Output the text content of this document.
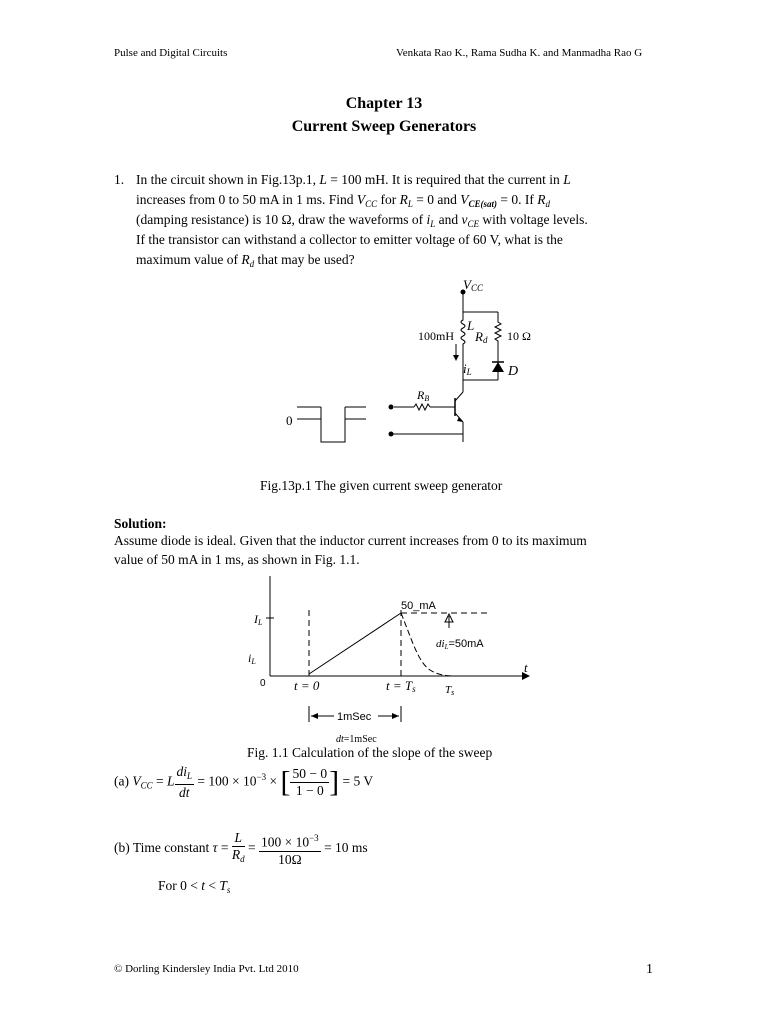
Pulse and Digital Circuits	Venkata Rao K., Rama Sudha K. and Manmadha Rao G
Chapter 13
Current Sweep Generators
1. In the circuit shown in Fig.13p.1, L = 100 mH. It is required that the current in L
increases from 0 to 50 mA in 1 ms. Find $V_{CC}$ for $R_L = 0$ and $V_{CE(sat)} = 0$. If $R_d$
(damping resistance) is 10 Ω, draw the waveforms of $i_L$ and $v_{CE}$ with voltage levels.
If the transistor can withstand a collector to emitter voltage of 60 V, what is the
maximum value of $R_d$ that may be used?
VCC
100mH
L
Rd 10 Ω
iL	D
RB
0
Fig.13p.1 The given current sweep generator
Solution:
Assume diode is ideal. Given that the inductor current increases from 0 to its maximum
value of 50 mA in 1 ms, as shown in Fig. 1.1.
t
IL
iL
0
50_mA
diL=50mA
t = 0	t = Ts	Ts
1mSec
dt=1mSec
Fig. 1.1 Calculation of the slope of the sweep
(a) $V_{CC} = L \frac{di_L}{dt} = 100 \times 10^{-3}$ × [ $\frac{50 - 0}{1 - 0}$ ] = 5 V
(b) Time constant $\tau = \frac{L}{R_d} = \frac{100 \times 10^{-3}}{10\Omega} = 10$ ms
For $0 < t < T_s$
© Dorling Kindersley India Pvt. Ltd 2010	1
